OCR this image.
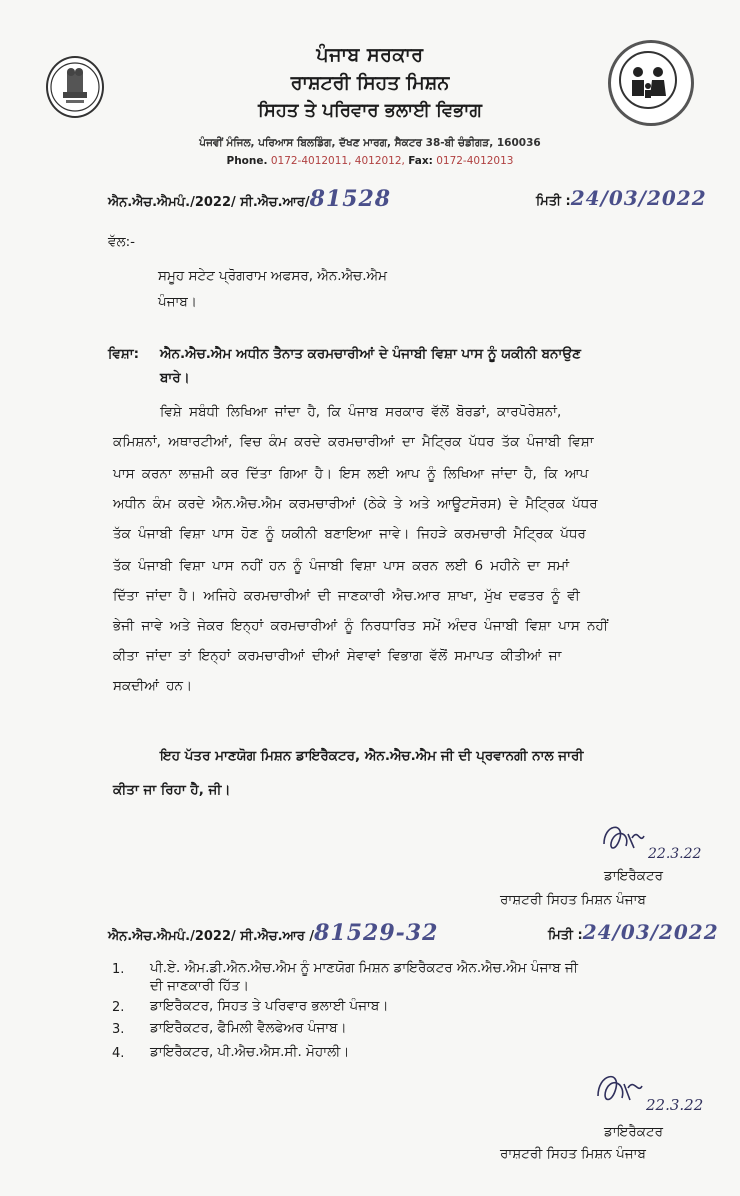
ਪੰਜਾਬ ਸਰਕਾਰ
ਰਾਸ਼ਟਰੀ ਸਿਹਤ ਮਿਸ਼ਨ
ਸਿਹਤ ਤੇ ਪਰਿਵਾਰ ਭਲਾਈ ਵਿਭਾਗ
ਪੰਜਵੀਂ ਮੰਜਿਲ, ਪਰਿਆਸ ਬਿਲਡਿੰਗ, ਦੱਖਣ ਮਾਰਗ, ਸੈਕਟਰ 38-ਬੀ ਚੰਡੀਗੜ, 160036
Phone. 0172-4012011, 4012012, Fax: 0172-4012013
ਐਨ.ਐਚ.ਐਮਪੰ./2022/ ਸੀ.ਐਚ.ਆਰ/81528	ਮਿਤੀ :24/03/2022
ਵੱਲ:-
ਸਮੂਹ ਸਟੇਟ ਪ੍ਰੋਗਰਾਮ ਅਫਸਰ, ਐਨ.ਐਚ.ਐਮ
ਪੰਜਾਬ।
ਵਿਸ਼ਾ: ਐਨ.ਐਚ.ਐਮ ਅਧੀਨ ਤੈਨਾਤ ਕਰਮਚਾਰੀਆਂ ਦੇ ਪੰਜਾਬੀ ਵਿਸ਼ਾ ਪਾਸ ਨੂੰ ਯਕੀਨੀ ਬਨਾਉਣ
ਬਾਰੇ।
ਵਿਸ਼ੇ ਸਬੰਧੀ ਲਿਖਿਆ ਜਾਂਦਾ ਹੈ, ਕਿ ਪੰਜਾਬ ਸਰਕਾਰ ਵੱਲੋਂ ਬੋਰਡਾਂ, ਕਾਰਪੋਰੇਸ਼ਨਾਂ,
ਕਮਿਸ਼ਨਾਂ, ਅਥਾਰਟੀਆਂ, ਵਿਚ ਕੰਮ ਕਰਦੇ ਕਰਮਚਾਰੀਆਂ ਦਾ ਮੈਟ੍ਰਿਕ ਪੱਧਰ ਤੱਕ ਪੰਜਾਬੀ ਵਿਸ਼ਾ
ਪਾਸ ਕਰਨਾ ਲਾਜ਼ਮੀ ਕਰ ਦਿੱਤਾ ਗਿਆ ਹੈ। ਇਸ ਲਈ ਆਪ ਨੂੰ ਲਿਖਿਆ ਜਾਂਦਾ ਹੈ, ਕਿ ਆਪ
ਅਧੀਨ ਕੰਮ ਕਰਦੇ ਐਨ.ਐਚ.ਐਮ ਕਰਮਚਾਰੀਆਂ (ਠੇਕੇ ਤੇ ਅਤੇ ਆਊਟਸੋਰਸ) ਦੇ ਮੈਟ੍ਰਿਕ ਪੱਧਰ
ਤੱਕ ਪੰਜਾਬੀ ਵਿਸ਼ਾ ਪਾਸ ਹੋਣ ਨੂੰ ਯਕੀਨੀ ਬਣਾਇਆ ਜਾਵੇ। ਜਿਹੜੇ ਕਰਮਚਾਰੀ ਮੈਟ੍ਰਿਕ ਪੱਧਰ
ਤੱਕ ਪੰਜਾਬੀ ਵਿਸ਼ਾ ਪਾਸ ਨਹੀਂ ਹਨ ਨੂੰ ਪੰਜਾਬੀ ਵਿਸ਼ਾ ਪਾਸ ਕਰਨ ਲਈ 6 ਮਹੀਨੇ ਦਾ ਸਮਾਂ
ਦਿੱਤਾ ਜਾਂਦਾ ਹੈ। ਅਜਿਹੇ ਕਰਮਚਾਰੀਆਂ ਦੀ ਜਾਣਕਾਰੀ ਐਚ.ਆਰ ਸ਼ਾਖਾ, ਮੁੱਖ ਦਫਤਰ ਨੂੰ ਵੀ
ਭੇਜੀ ਜਾਵੇ ਅਤੇ ਜੇਕਰ ਇਨ੍ਹਾਂ ਕਰਮਚਾਰੀਆਂ ਨੂੰ ਨਿਰਧਾਰਿਤ ਸਮੇਂ ਅੰਦਰ ਪੰਜਾਬੀ ਵਿਸ਼ਾ ਪਾਸ ਨਹੀਂ
ਕੀਤਾ ਜਾਂਦਾ ਤਾਂ ਇਨ੍ਹਾਂ ਕਰਮਚਾਰੀਆਂ ਦੀਆਂ ਸੇਵਾਵਾਂ ਵਿਭਾਗ ਵੱਲੋਂ ਸਮਾਪਤ ਕੀਤੀਆਂ ਜਾ
ਸਕਦੀਆਂ ਹਨ।
ਇਹ ਪੱਤਰ ਮਾਣਯੋਗ ਮਿਸ਼ਨ ਡਾਇਰੈਕਟਰ, ਐਨ.ਐਚ.ਐਮ ਜੀ ਦੀ ਪ੍ਰਵਾਨਗੀ ਨਾਲ ਜਾਰੀ
ਕੀਤਾ ਜਾ ਰਿਹਾ ਹੈ, ਜੀ।
22.3.22
ਡਾਇਰੈਕਟਰ
ਰਾਸ਼ਟਰੀ ਸਿਹਤ ਮਿਸ਼ਨ ਪੰਜਾਬ
ਐਨ.ਐਚ.ਐਮਪੰ./2022/ ਸੀ.ਐਚ.ਆਰ /81529-32	ਮਿਤੀ :24/03/2022
1. ਪੀ.ਏ. ਐਮ.ਡੀ.ਐਨ.ਐਚ.ਐਮ ਨੂੰ ਮਾਣਯੋਗ ਮਿਸ਼ਨ ਡਾਇਰੈਕਟਰ ਐਨ.ਐਚ.ਐਮ ਪੰਜਾਬ ਜੀ
ਦੀ ਜਾਣਕਾਰੀ ਹਿੱਤ।
2. ਡਾਇਰੈਕਟਰ, ਸਿਹਤ ਤੇ ਪਰਿਵਾਰ ਭਲਾਈ ਪੰਜਾਬ।
3. ਡਾਇਰੈਕਟਰ, ਫੈਮਿਲੀ ਵੈਲਫੇਅਰ ਪੰਜਾਬ।
4. ਡਾਇਰੈਕਟਰ, ਪੀ.ਐਚ.ਐਸ.ਸੀ. ਮੋਹਾਲੀ।
22.3.22
ਡਾਇਰੈਕਟਰ
ਰਾਸ਼ਟਰੀ ਸਿਹਤ ਮਿਸ਼ਨ ਪੰਜਾਬ
